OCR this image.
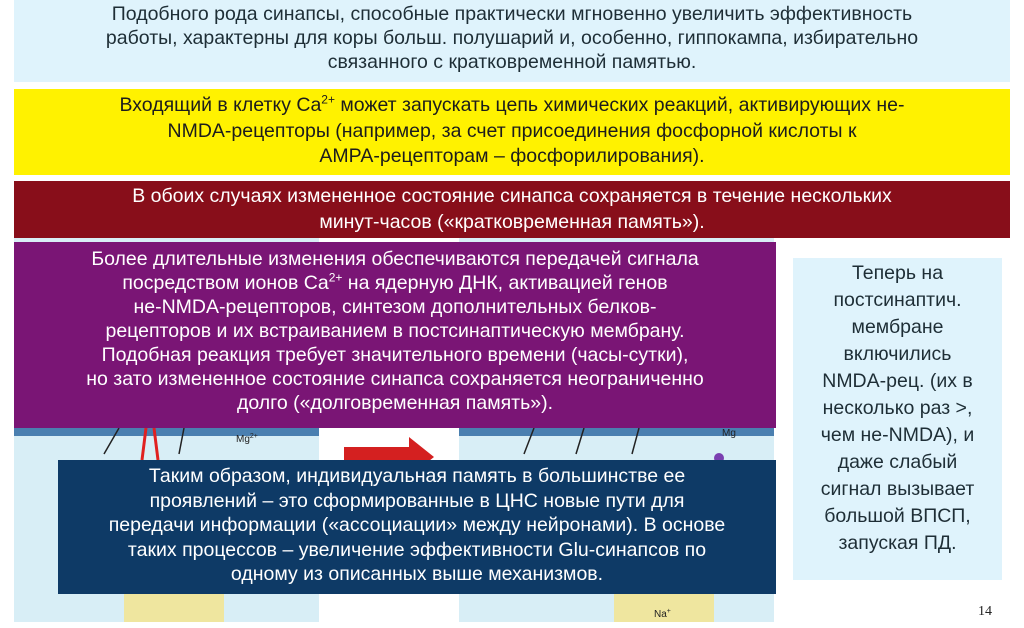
$Mg^{2+}$	Mg
Na+
Подобного рода синапсы, способные практически мгновенно увеличить эффективность
работы, характерны для коры больш. полушарий и, особенно, гиппокампа, избирательно
связанного с кратковременной памятью.
Входящий в клетку $Ca^{2+}$ может запускать цепь химических реакций, активирующих не-
NMDA-рецепторы (например, за счет присоединения фосфорной кислоты к
АМРА-рецепторам – фосфорилирования).
В обоих случаях измененное состояние синапса сохраняется в течение нескольких
минут-часов («кратковременная память»).
Более длительные изменения обеспечиваются передачей сигнала
посредством ионов $Ca^{2+}$ на ядерную ДНК, активацией генов
не-NMDA-рецепторов, синтезом дополнительных белков-
рецепторов и их встраиванием в постсинаптическую мембрану.
Подобная реакция требует значительного времени (часы-сутки),
но зато измененное состояние синапса сохраняется неограниченно
долго («долговременная память»).
Теперь на
постсинаптич.
мембране
включились
NMDA-рец. (их в
несколько раз >,
чем не-NMDA), и
даже слабый
сигнал вызывает
большой ВПСП,
запуская ПД.
Таким образом, индивидуальная память в большинстве ее
проявлений – это сформированные в ЦНС новые пути для
передачи информации («ассоциации» между нейронами). В основе
таких процессов – увеличение эффективности Glu-синапсов по
одному из описанных выше механизмов.
14
